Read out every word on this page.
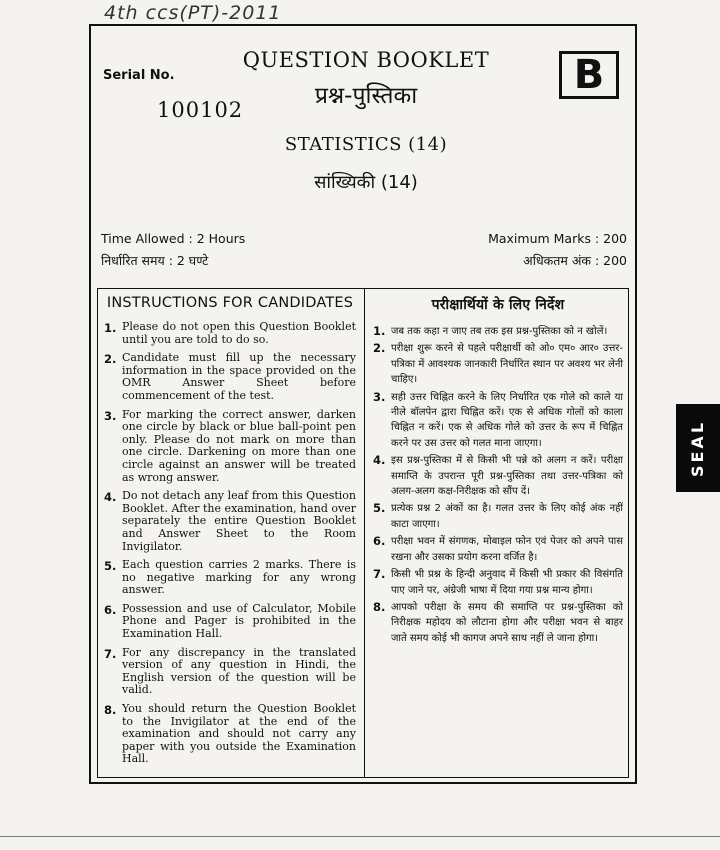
4th ccs(PT)-2011
Serial No.
100102
QUESTION BOOKLET
प्रश्न-पुस्तिका	B
STATISTICS (14)
सांख्यिकी (14)
Time Allowed : 2 Hours
निर्धारित समय : 2 घण्टे
Maximum Marks : 200
अधिकतम अंक : 200
INSTRUCTIONS FOR CANDIDATES
1. Please do not open this Question Booklet until you are told to do so.
2. Candidate must fill up the necessary information in the space provided on the OMR Answer Sheet before commencement of the test.
3. For marking the correct answer, darken one circle by black or blue ball-point pen only. Please do not mark on more than one circle. Darkening on more than one circle against an answer will be treated as wrong answer.
4. Do not detach any leaf from this Question Booklet. After the examination, hand over separately the entire Question Booklet and Answer Sheet to the Room Invigilator.
5. Each question carries 2 marks. There is no negative marking for any wrong answer.
6. Possession and use of Calculator, Mobile Phone and Pager is prohibited in the Examination Hall.
7. For any discrepancy in the translated version of any question in Hindi, the English version of the question will be valid.
8. You should return the Question Booklet to the Invigilator at the end of the examination and should not carry any paper with you outside the Examination Hall.
परीक्षार्थियों के लिए निर्देश
1. जब तक कहा न जाए तब तक इस प्रश्न-पुस्तिका को न खोलें।
2. परीक्षा शुरू करने से पहले परीक्षार्थी को ओ० एम० आर० उत्तर-पत्रिका में आवश्यक जानकारी निर्धारित स्थान पर अवश्य भर लेनी चाहिए।
3. सही उत्तर चिह्नित करने के लिए निर्धारित एक गोले को काले या नीले बॉलपेन द्वारा चिह्नित करें। एक से अधिक गोलों को काला चिह्नित न करें। एक से अधिक गोले को उत्तर के रूप में चिह्नित करने पर उस उत्तर को गलत माना जाएगा।
4. इस प्रश्न-पुस्तिका में से किसी भी पन्ने को अलग न करें। परीक्षा समाप्ति के उपरान्त पूरी प्रश्न-पुस्तिका तथा उत्तर-पत्रिका को अलग-अलग कक्ष-निरीक्षक को सौंप दें।
5. प्रत्येक प्रश्न 2 अंकों का है। गलत उत्तर के लिए कोई अंक नहीं काटा जाएगा।
6. परीक्षा भवन में संगणक, मोबाइल फोन एवं पेजर को अपने पास रखना और उसका प्रयोग करना वर्जित है।
7. किसी भी प्रश्न के हिन्दी अनुवाद में किसी भी प्रकार की विसंगति पाए जाने पर, अंग्रेजी भाषा में दिया गया प्रश्न मान्य होगा।
8. आपको परीक्षा के समय की समाप्ति पर प्रश्न-पुस्तिका को निरीक्षक महोदय को लौटाना होगा और परीक्षा भवन से बाहर जाते समय कोई भी कागज अपने साथ नहीं ले जाना होगा।
SEAL
